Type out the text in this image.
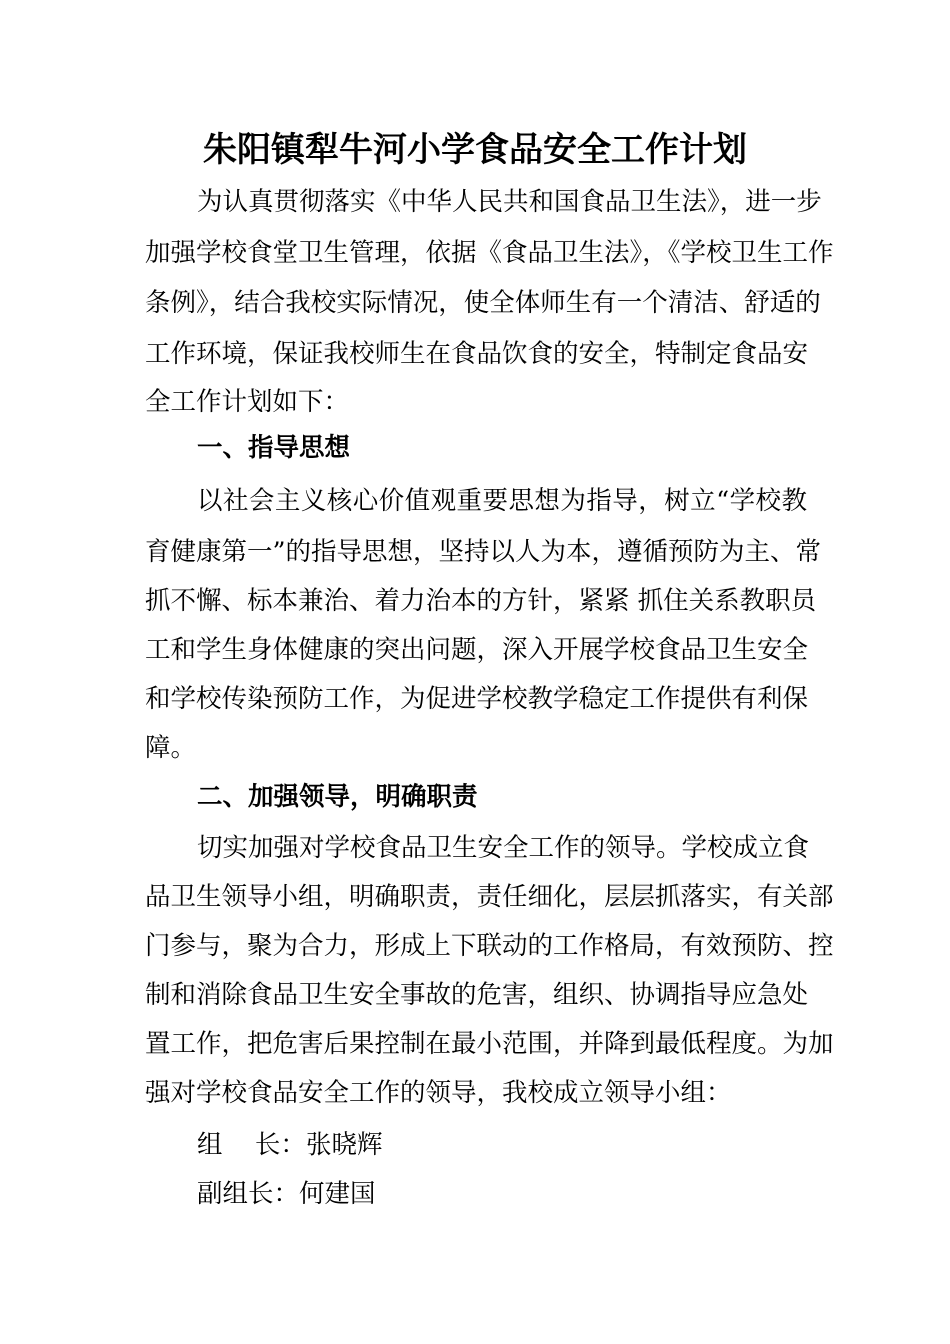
朱阳镇犁牛河小学食品安全工作计划

为认真贯彻落实《中华人民共和国食品卫生法》，进一步

加强学校食堂卫生管理，依据《食品卫生法》，《学校卫生工作

条例》，结合我校实际情况，使全体师生有一个清洁、舒适的

工作环境，保证我校师生在食品饮食的安全，特制定食品安

全工作计划如下：

一、指导思想

以社会主义核心价值观重要思想为指导，树立“学校教

育健康第一”的指导思想，坚持以人为本，遵循预防为主、常

抓不懈、标本兼治、着力治本的方针，紧紧 抓住关系教职员

工和学生身体健康的突出问题，深入开展学校食品卫生安全

和学校传染预防工作，为促进学校教学稳定工作提供有利保

障。

二、加强领导，明确职责

切实加强对学校食品卫生安全工作的领导。学校成立食

品卫生领导小组，明确职责，责任细化，层层抓落实，有关部

门参与，聚为合力，形成上下联动的工作格局，有效预防、控

制和消除食品卫生安全事故的危害，组织、协调指导应急处

置工作，把危害后果控制在最小范围，并降到最低程度。为加

强对学校食品安全工作的领导，我校成立领导小组：

组    长：张晓辉

副组长：何建国
